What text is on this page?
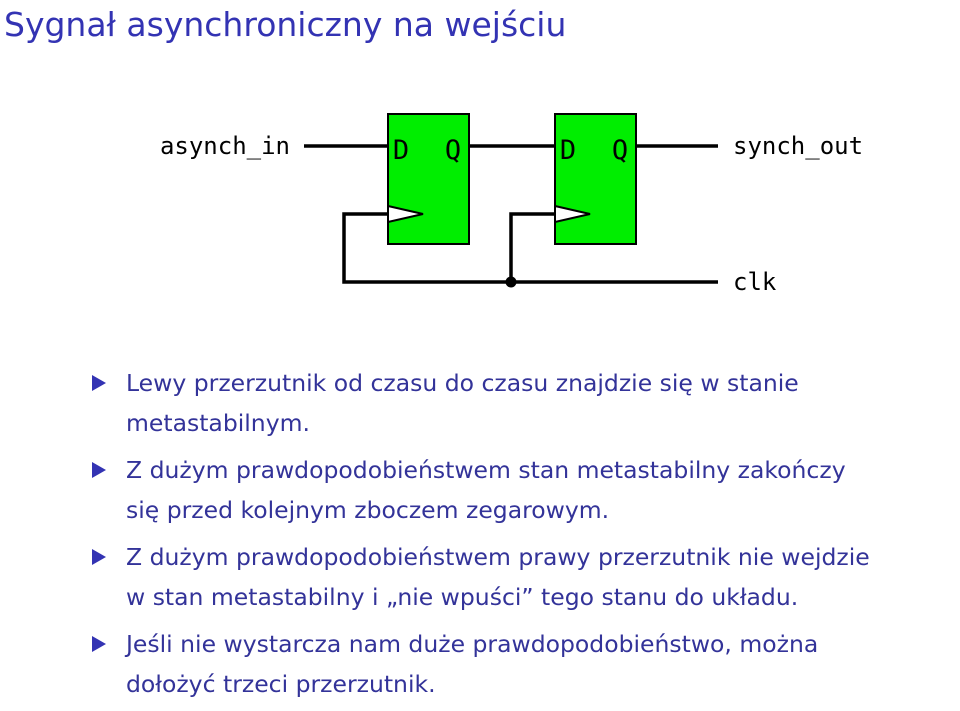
Sygnał asynchroniczny na wejściu
D Q	D Q
asynch_in	synch_out
clk
Lewy przerzutnik od czasu do czasu znajdzie się w stanie
metastabilnym.
Z dużym prawdopodobieństwem stan metastabilny zakończy
się przed kolejnym zboczem zegarowym.
Z dużym prawdopodobieństwem prawy przerzutnik nie wejdzie
w stan metastabilny i „nie wpuści” tego stanu do układu.
Jeśli nie wystarcza nam duże prawdopodobieństwo, można
dołożyć trzeci przerzutnik.
